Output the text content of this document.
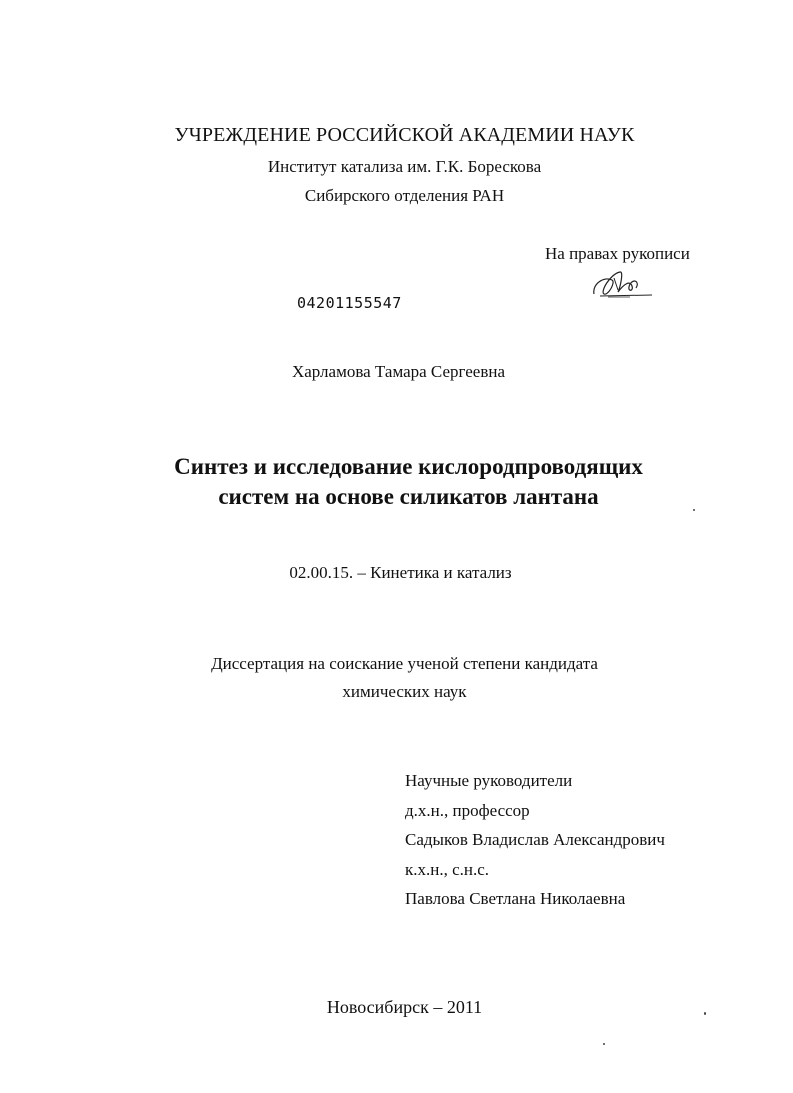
УЧРЕЖДЕНИЕ РОССИЙСКОЙ АКАДЕМИИ НАУК
Институт катализа им. Г.К. Борескова
Сибирского отделения РАН
На правах рукописи
04201155547
Харламова Тамара Сергеевна
Синтез и исследование кислородпроводящих
систем на основе силикатов лантана
02.00.15. – Кинетика и катализ
Диссертация на соискание ученой степени кандидата
химических наук
Научные руководители
д.х.н., профессор
Садыков Владислав Александрович
к.х.н., с.н.с.
Павлова Светлана Николаевна
Новосибирск – 2011
